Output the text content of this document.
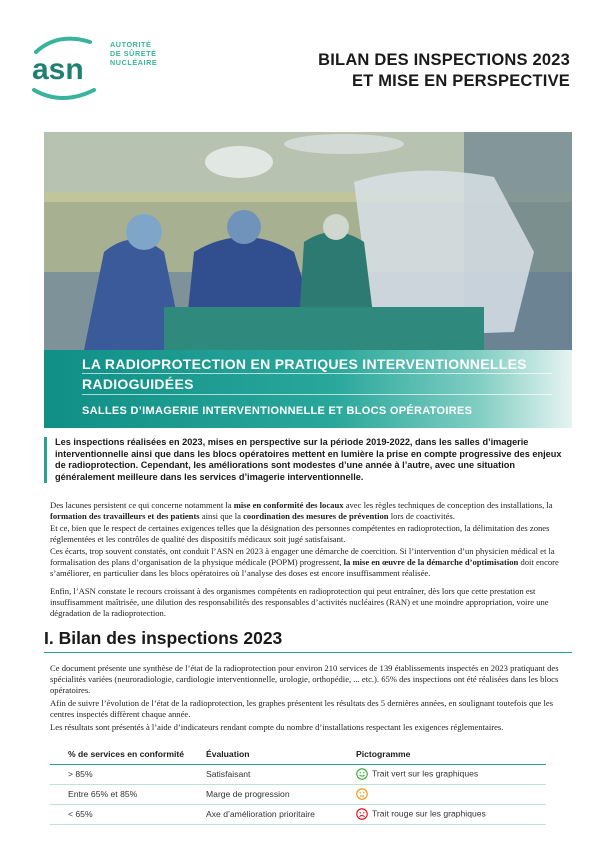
asn
AUTORITÉ
DE SÛRETÉ
NUCLÉAIRE	BILAN DES INSPECTIONS 2023
ET MISE EN PERSPECTIVE
LA RADIOPROTECTION EN PRATIQUES INTERVENTIONNELLES
RADIOGUIDÉES
SALLES D’IMAGERIE INTERVENTIONNELLE ET BLOCS OPÉRATOIRES
Les inspections réalisées en 2023, mises en perspective sur la période 2019-2022, dans les salles d’imagerie interventionnelle ainsi que dans les blocs opératoires mettent en lumière la prise en compte progressive des enjeux de radioprotection. Cependant, les améliorations sont modestes d’une année à l’autre, avec une situation généralement meilleure dans les services d’imagerie interventionnelle.
Des lacunes persistent ce qui concerne notamment la mise en conformité des locaux avec les règles techniques de conception des installations, la formation des travailleurs et des patients ainsi que la coordination des mesures de prévention lors de coactivités.
Et ce, bien que le respect de certaines exigences telles que la désignation des personnes compétentes en radioprotection, la délimitation des zones réglementées et les contrôles de qualité des dispositifs médicaux soit jugé satisfaisant.
Ces écarts, trop souvent constatés, ont conduit l’ASN en 2023 à engager une démarche de coercition. Si l’intervention d’un physicien médical et la formalisation des plans d’organisation de la physique médicale (POPM) progressent, la mise en œuvre de la démarche d’optimisation doit encore s’améliorer, en particulier dans les blocs opératoires où l’analyse des doses est encore insuffisamment réalisée.
Enfin, l’ASN constate le recours croissant à des organismes compétents en radioprotection qui peut entraîner, dès lors que cette prestation est insuffisamment maîtrisée, une dilution des responsabilités des responsables d’activités nucléaires (RAN) et une moindre appropriation, voire une dégradation de la radioprotection.
I. Bilan des inspections 2023
Ce document présente une synthèse de l’état de la radioprotection pour environ 210 services de 139 établissements inspectés en 2023 pratiquant des spécialités variées (neuroradiologie, cardiologie interventionnelle, urologie, orthopédie, ... etc.). 65% des inspections ont été réalisées dans les blocs opératoires.
Afin de suivre l’évolution de l’état de la radioprotection, les graphes présentent les résultats des 5 dernières années, en soulignant toutefois que les centres inspectés diffèrent chaque année.
Les résultats sont présentés à l’aide d’indicateurs rendant compte du nombre d’installations respectant les exigences réglementaires.
% de services en conformité	Évaluation	Pictogramme
> 85%	Satisfaisant	Trait vert sur les graphiques
Entre 65% et 85%	Marge de progression	
< 65%	Axe d’amélioration prioritaire	Trait rouge sur les graphiques
